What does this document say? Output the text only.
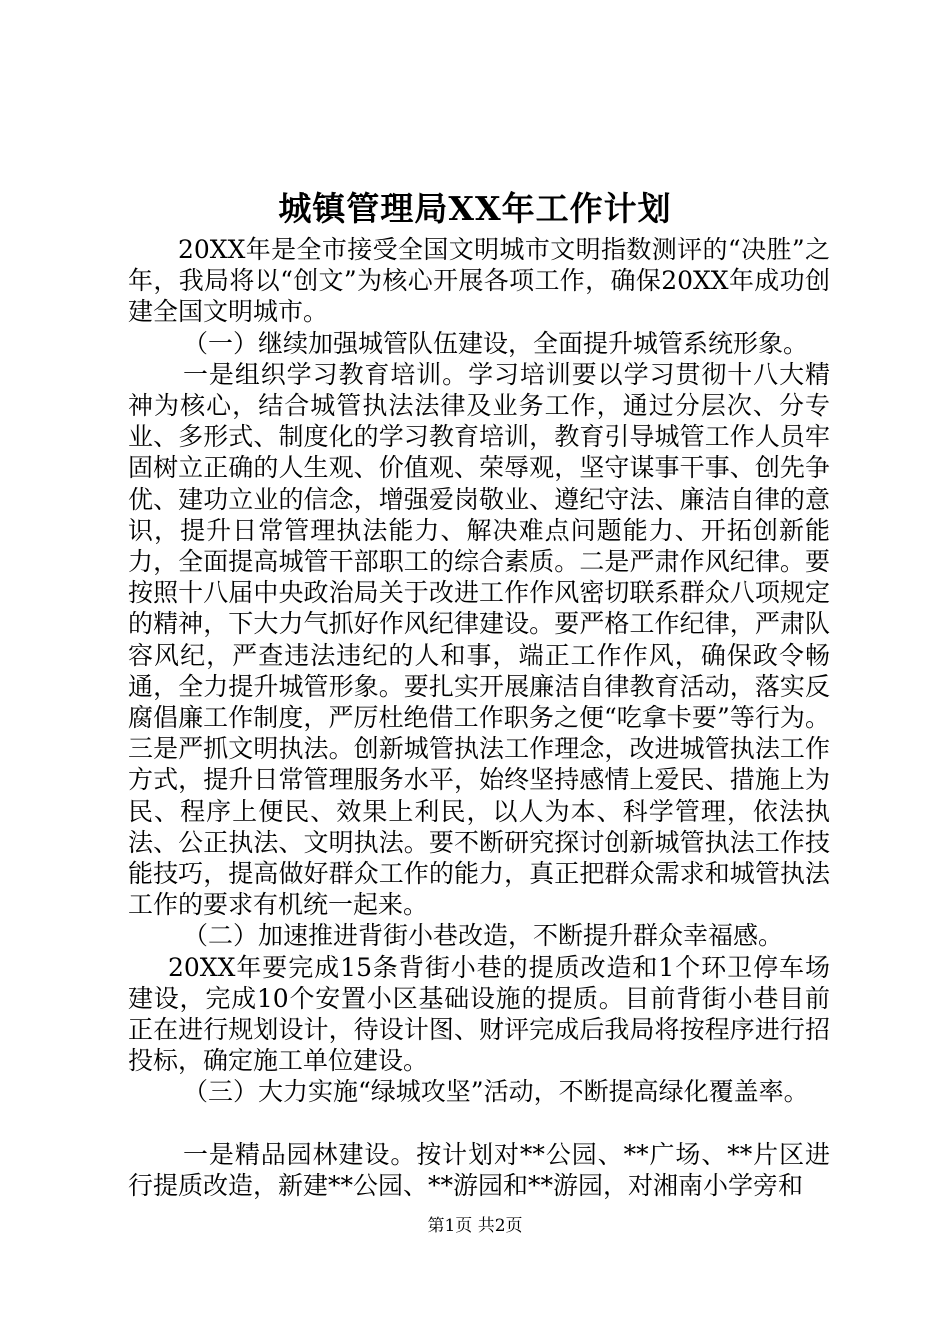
城镇管理局XX年工作计划

20XX年是全市接受全国文明城市文明指数测评的“决胜”之年，我局将以“创文”为核心开展各项工作，确保20XX年成功创建全国文明城市。

（一）继续加强城管队伍建设，全面提升城管系统形象。

一是组织学习教育培训。学习培训要以学习贯彻十八大精神为核心，结合城管执法法律及业务工作，通过分层次、分专业、多形式、制度化的学习教育培训，教育引导城管工作人员牢固树立正确的人生观、价值观、荣辱观，坚守谋事干事、创先争优、建功立业的信念，增强爱岗敬业、遵纪守法、廉洁自律的意识，提升日常管理执法能力、解决难点问题能力、开拓创新能力，全面提高城管干部职工的综合素质。二是严肃作风纪律。要按照十八届中央政治局关于改进工作作风密切联系群众八项规定的精神，下大力气抓好作风纪律建设。要严格工作纪律，严肃队容风纪，严查违法违纪的人和事，端正工作作风，确保政令畅通，全力提升城管形象。要扎实开展廉洁自律教育活动，落实反腐倡廉工作制度，严厉杜绝借工作职务之便“吃拿卡要”等行为。三是严抓文明执法。创新城管执法工作理念，改进城管执法工作方式，提升日常管理服务水平，始终坚持感情上爱民、措施上为民、程序上便民、效果上利民，以人为本、科学管理，依法执法、公正执法、文明执法。要不断研究探讨创新城管执法工作技能技巧，提高做好群众工作的能力，真正把群众需求和城管执法工作的要求有机统一起来。

（二）加速推进背街小巷改造，不断提升群众幸福感。

20XX年要完成15条背街小巷的提质改造和1个环卫停车场建设，完成10个安置小区基础设施的提质。目前背街小巷目前正在进行规划设计，待设计图、财评完成后我局将按程序进行招投标，确定施工单位建设。

（三）大力实施“绿城攻坚”活动，不断提高绿化覆盖率。

一是精品园林建设。按计划对**公园、**广场、**片区进行提质改造，新建**公园、**游园和**游园，对湘南小学旁和

第1页 共2页
